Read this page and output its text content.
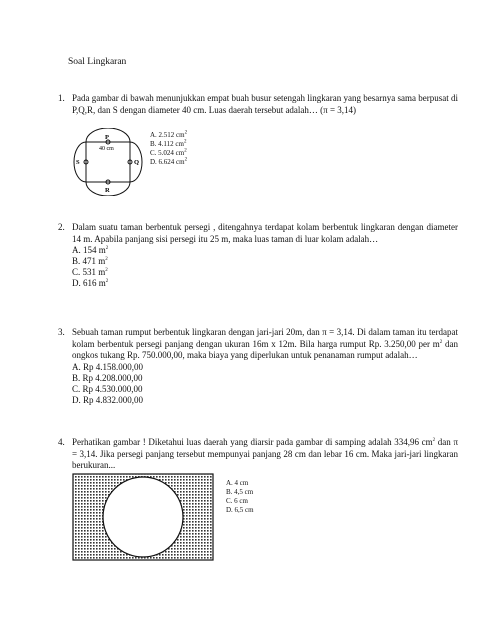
Soal Lingkaran
1. Pada gambar di bawah menunjukkan empat buah busur setengah lingkaran yang besarnya sama berpusat di P,Q,R, dan S dengan diameter 40 cm. Luas daerah tersebut adalah… (π = 3,14)
P
Q
R
S
40 cm
A. 2.512 $cm^2$
B. 4.112 $cm^2$
C. 5.024 $cm^2$
D. 6.624 $cm^2$
2. Dalam suatu taman berbentuk persegi , ditengahnya terdapat kolam berbentuk lingkaran dengan diameter 14 m. Apabila panjang sisi persegi itu 25 m, maka luas taman di luar kolam adalah…
A. 154 $m^2$
B. 471 $m^2$
C. 531 $m^2$
D. 616 $m^2$
3. Sebuah taman rumput berbentuk lingkaran dengan jari-jari 20m, dan π = 3,14. Di dalam taman itu terdapat kolam berbentuk persegi panjang dengan ukuran 16m x 12m. Bila harga rumput Rp. 3.250,00 per $m^2$ dan ongkos tukang Rp. 750.000,00, maka biaya yang diperlukan untuk penanaman rumput adalah…
A. Rp 4.158.000,00
B. Rp 4.208.000,00
C. Rp 4.530.000,00
D. Rp 4.832.000,00
4. Perhatikan gambar ! Diketahui luas daerah yang diarsir pada gambar di samping adalah 334,96 $cm^2$ dan π = 3,14. Jika persegi panjang tersebut mempunyai panjang 28 cm dan lebar 16 cm. Maka jari-jari lingkaran berukuran...
A. 4 cm
B. 4,5 cm
C. 6 cm
D. 6,5 cm
